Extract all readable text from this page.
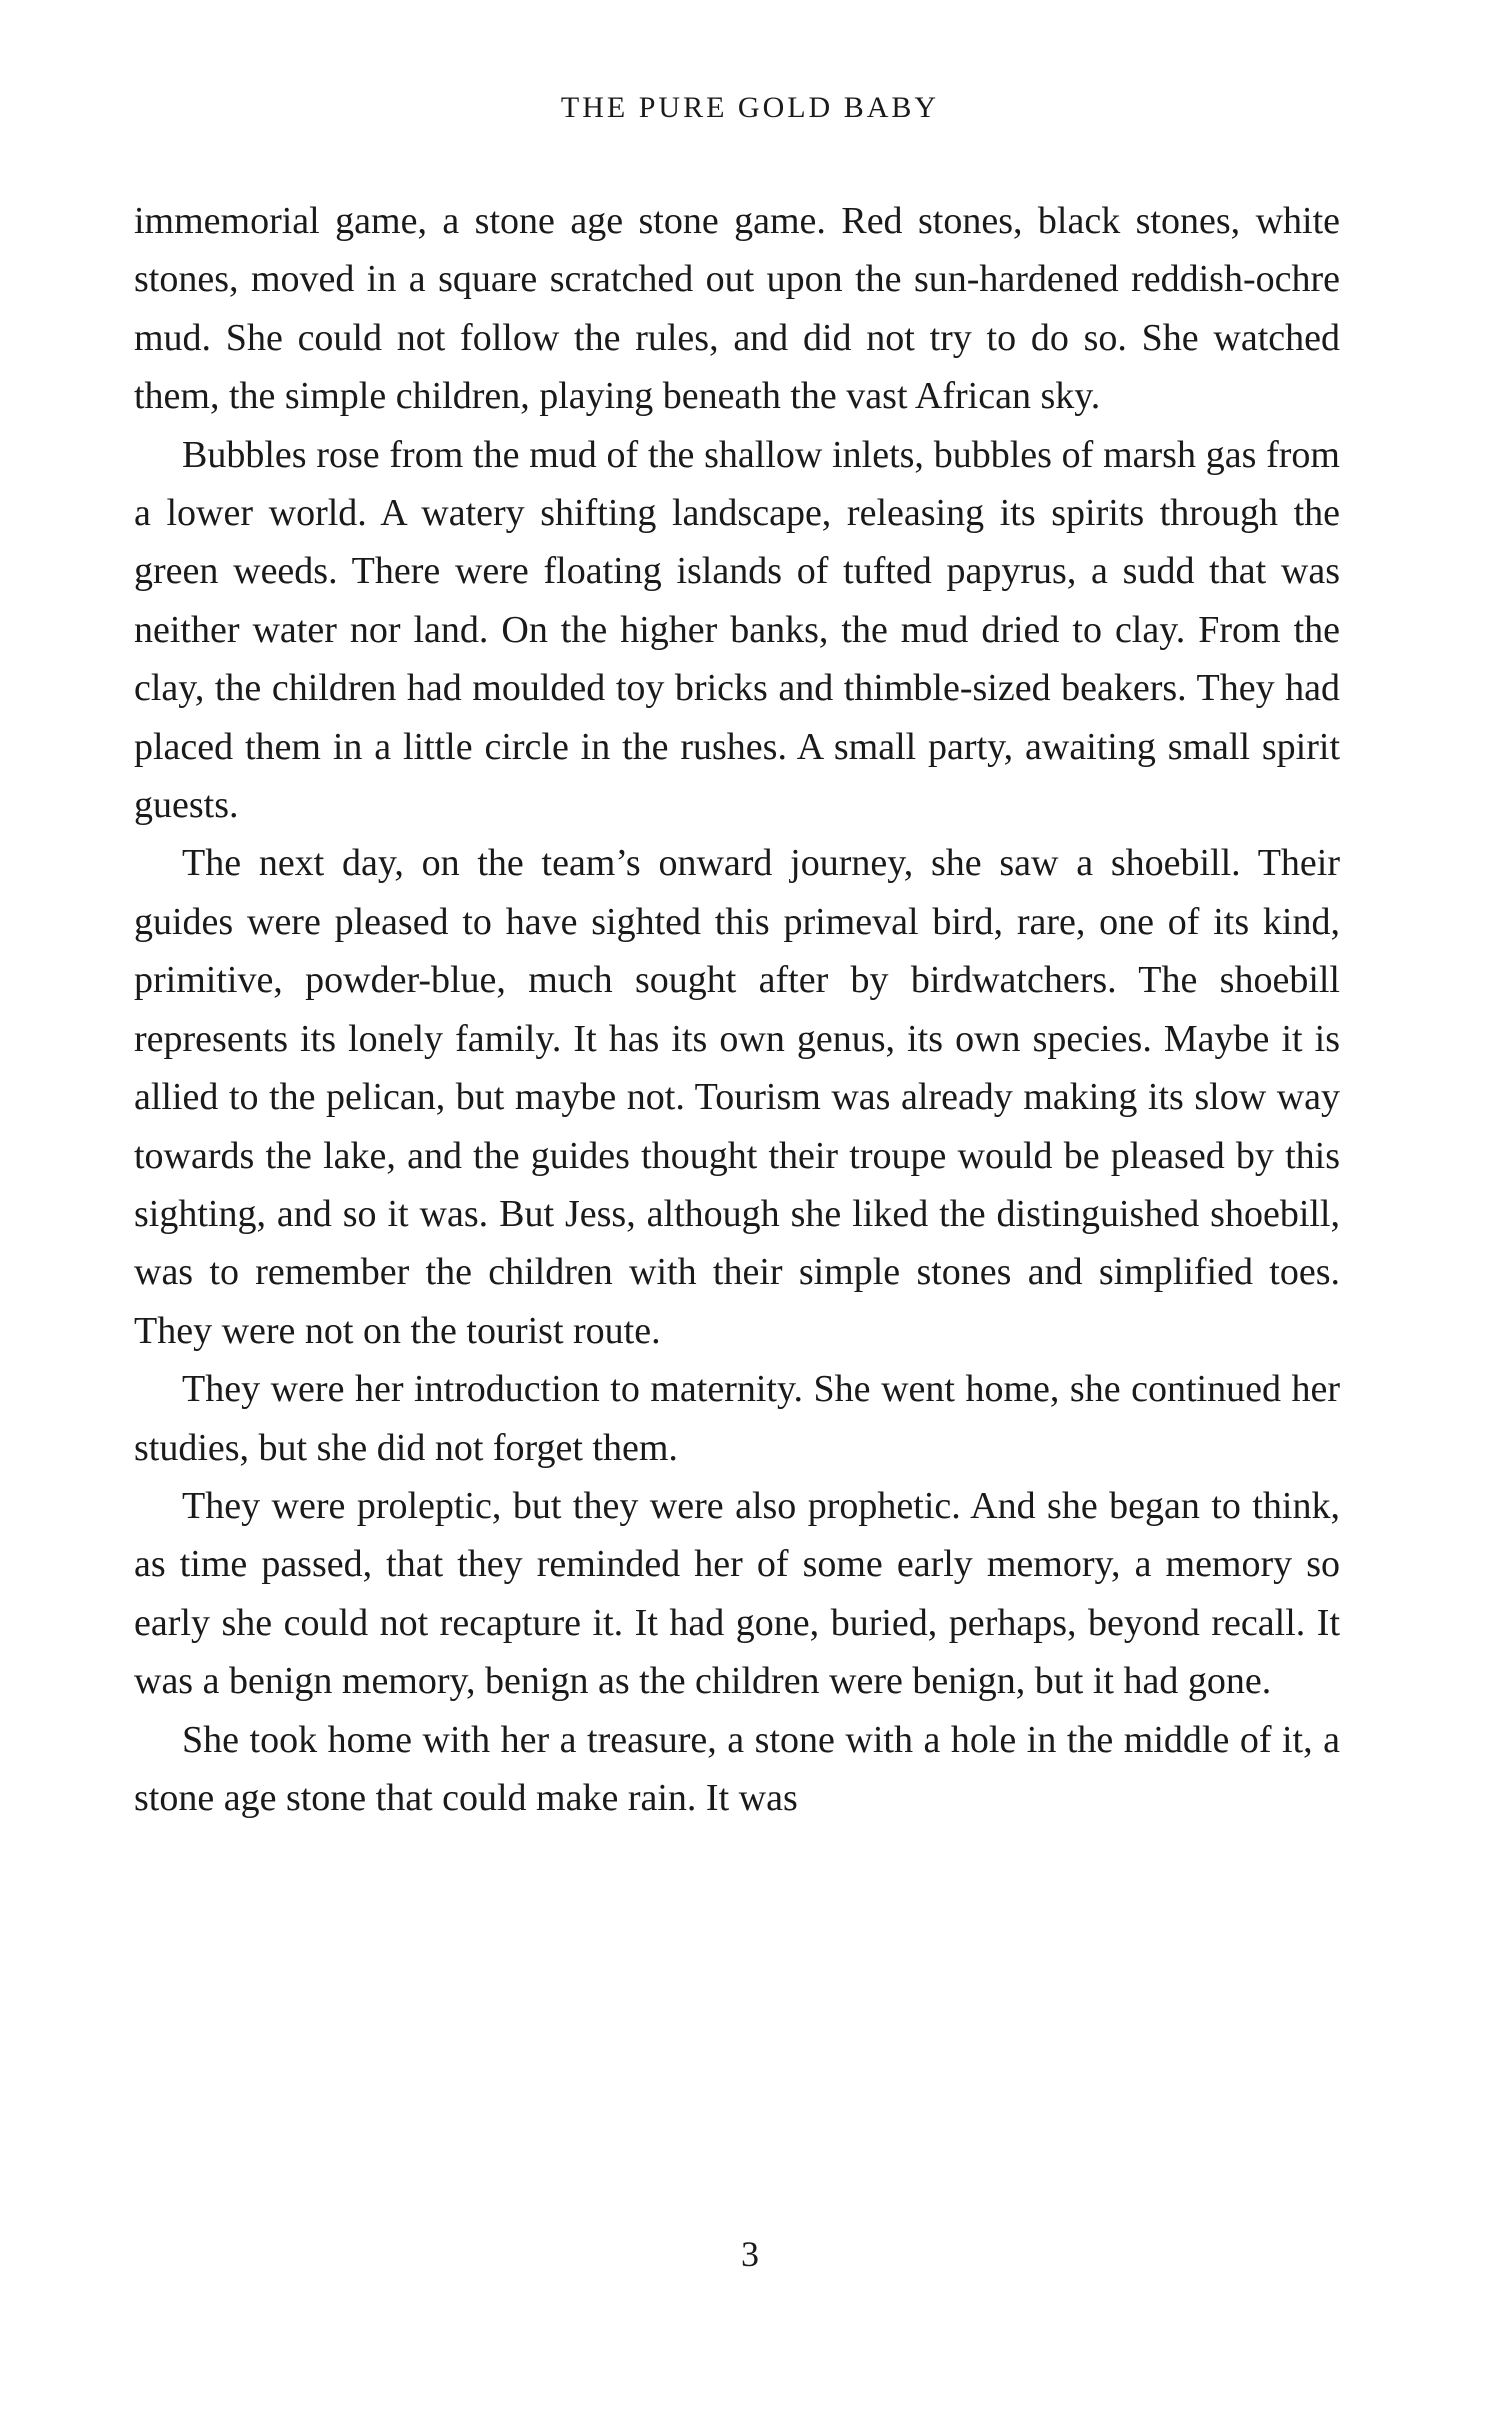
THE PURE GOLD BABY

immemorial game, a stone age stone game. Red stones, black stones, white stones, moved in a square scratched out upon the sun-hardened reddish-ochre mud. She could not follow the rules, and did not try to do so. She watched them, the simple children, playing beneath the vast African sky.

Bubbles rose from the mud of the shallow inlets, bubbles of marsh gas from a lower world. A watery shifting landscape, releasing its spirits through the green weeds. There were floating islands of tufted papyrus, a sudd that was neither water nor land. On the higher banks, the mud dried to clay. From the clay, the children had moulded toy bricks and thimble-sized beakers. They had placed them in a little circle in the rushes. A small party, awaiting small spirit guests.

The next day, on the team’s onward journey, she saw a shoebill. Their guides were pleased to have sighted this primeval bird, rare, one of its kind, primitive, powder-blue, much sought after by birdwatchers. The shoebill represents its lonely family. It has its own genus, its own species. Maybe it is allied to the pelican, but maybe not. Tourism was already making its slow way towards the lake, and the guides thought their troupe would be pleased by this sighting, and so it was. But Jess, although she liked the distinguished shoebill, was to remember the children with their simple stones and simplified toes. They were not on the tourist route.

They were her introduction to maternity. She went home, she continued her studies, but she did not forget them.

They were proleptic, but they were also prophetic. And she began to think, as time passed, that they reminded her of some early memory, a memory so early she could not recapture it. It had gone, buried, perhaps, beyond recall. It was a benign memory, benign as the children were benign, but it had gone.

She took home with her a treasure, a stone with a hole in the middle of it, a stone age stone that could make rain. It was

3
